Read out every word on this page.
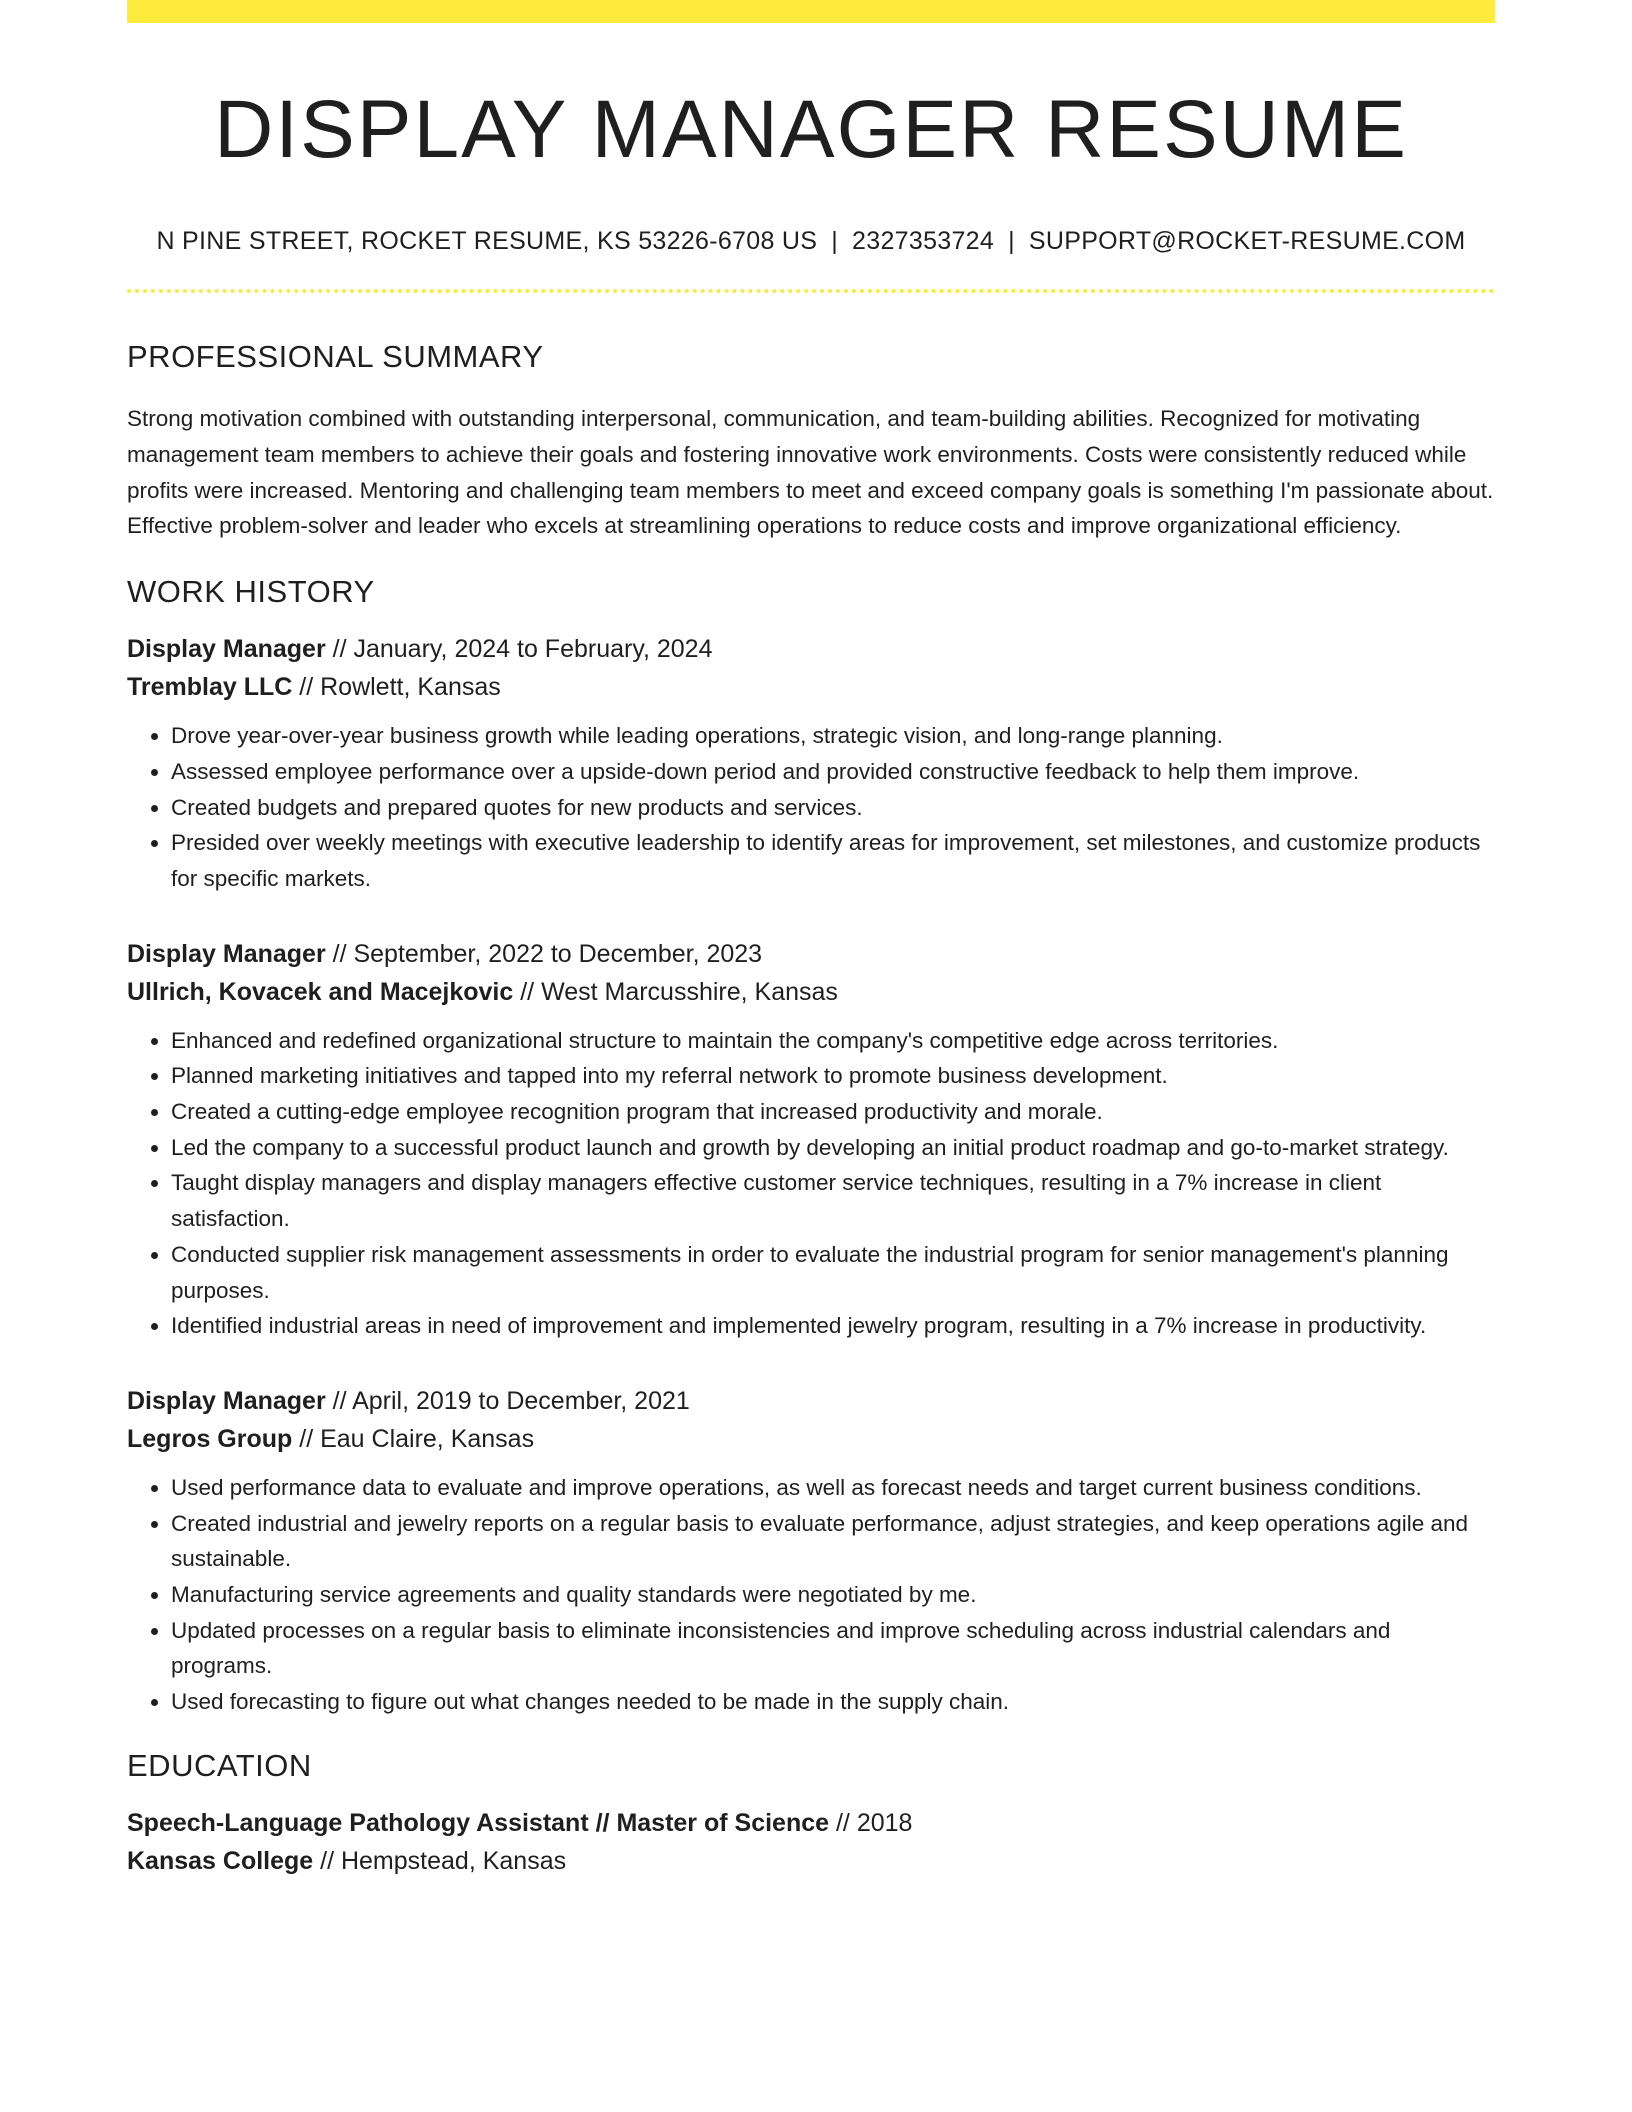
DISPLAY MANAGER RESUME
N PINE STREET, ROCKET RESUME, KS 53226-6708 US | 2327353724 | SUPPORT@ROCKET-RESUME.COM
PROFESSIONAL SUMMARY

Strong motivation combined with outstanding interpersonal, communication, and team-building abilities. Recognized for motivating management team members to achieve their goals and fostering innovative work environments. Costs were consistently reduced while profits were increased. Mentoring and challenging team members to meet and exceed company goals is something I'm passionate about. Effective problem-solver and leader who excels at streamlining operations to reduce costs and improve organizational efficiency.

WORK HISTORY
Display Manager // January, 2024 to February, 2024
Tremblay LLC // Rowlett, Kansas
• Drove year-over-year business growth while leading operations, strategic vision, and long-range planning.
• Assessed employee performance over a upside-down period and provided constructive feedback to help them improve.
• Created budgets and prepared quotes for new products and services.
• Presided over weekly meetings with executive leadership to identify areas for improvement, set milestones, and customize products for specific markets.
Display Manager // September, 2022 to December, 2023
Ullrich, Kovacek and Macejkovic // West Marcusshire, Kansas
• Enhanced and redefined organizational structure to maintain the company's competitive edge across territories.
• Planned marketing initiatives and tapped into my referral network to promote business development.
• Created a cutting-edge employee recognition program that increased productivity and morale.
• Led the company to a successful product launch and growth by developing an initial product roadmap and go-to-market strategy.
• Taught display managers and display managers effective customer service techniques, resulting in a 7% increase in client satisfaction.
• Conducted supplier risk management assessments in order to evaluate the industrial program for senior management's planning purposes.
• Identified industrial areas in need of improvement and implemented jewelry program, resulting in a 7% increase in productivity.
Display Manager // April, 2019 to December, 2021
Legros Group // Eau Claire, Kansas
• Used performance data to evaluate and improve operations, as well as forecast needs and target current business conditions.
• Created industrial and jewelry reports on a regular basis to evaluate performance, adjust strategies, and keep operations agile and sustainable.
• Manufacturing service agreements and quality standards were negotiated by me.
• Updated processes on a regular basis to eliminate inconsistencies and improve scheduling across industrial calendars and programs.
• Used forecasting to figure out what changes needed to be made in the supply chain.
EDUCATION
Speech-Language Pathology Assistant // Master of Science // 2018
Kansas College // Hempstead, Kansas
